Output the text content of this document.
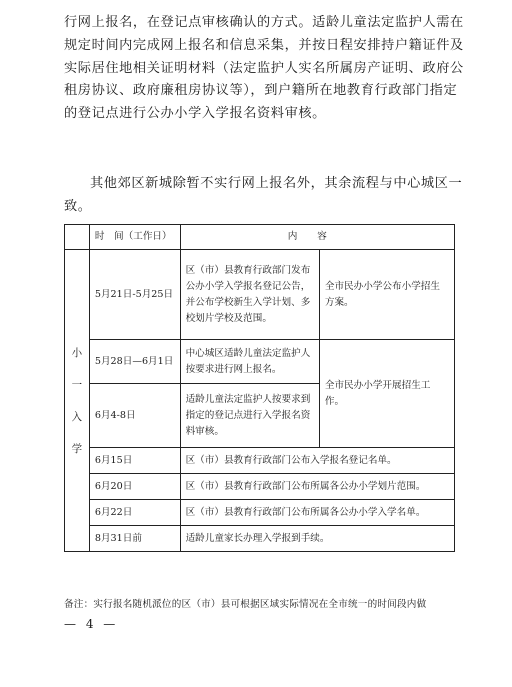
行网上报名，在登记点审核确认的方式。适龄儿童法定监护人需在规定时间内完成网上报名和信息采集，并按日程安排持户籍证件及实际居住地相关证明材料（法定监护人实名所属房产证明、政府公租房协议、政府廉租房协议等），到户籍所在地教育行政部门指定的登记点进行公办小学入学报名资料审核。
其他郊区新城除暂不实行网上报名外，其余流程与中心城区一致。
	时　间（工作日）	内容	

小
一
入
学	5月21日-5月25日	区（市）县教育行政部门发布公办小学入学报名登记公告，并公布学校新生入学计划、多校划片学校及范围。	全市民办小学公布小学招生方案。
	5月28日—6月1日	中心城区适龄儿童法定监护人按要求进行网上报名。	全市民办小学开展招生工作。
	6月4-8日	适龄儿童法定监护人按要求到指定的登记点进行入学报名资料审核。	
	6月15日	区（市）县教育行政部门公布入学报名登记名单。	
	6月20日	区（市）县教育行政部门公布所属各公办小学划片范围。	
	6月22日	区（市）县教育行政部门公布所属各公办小学入学名单。	
	8月31日前	适龄儿童家长办理入学报到手续。	
备注：实行报名随机派位的区（市）县可根据区域实际情况在全市统一的时间段内做
— 4 —
